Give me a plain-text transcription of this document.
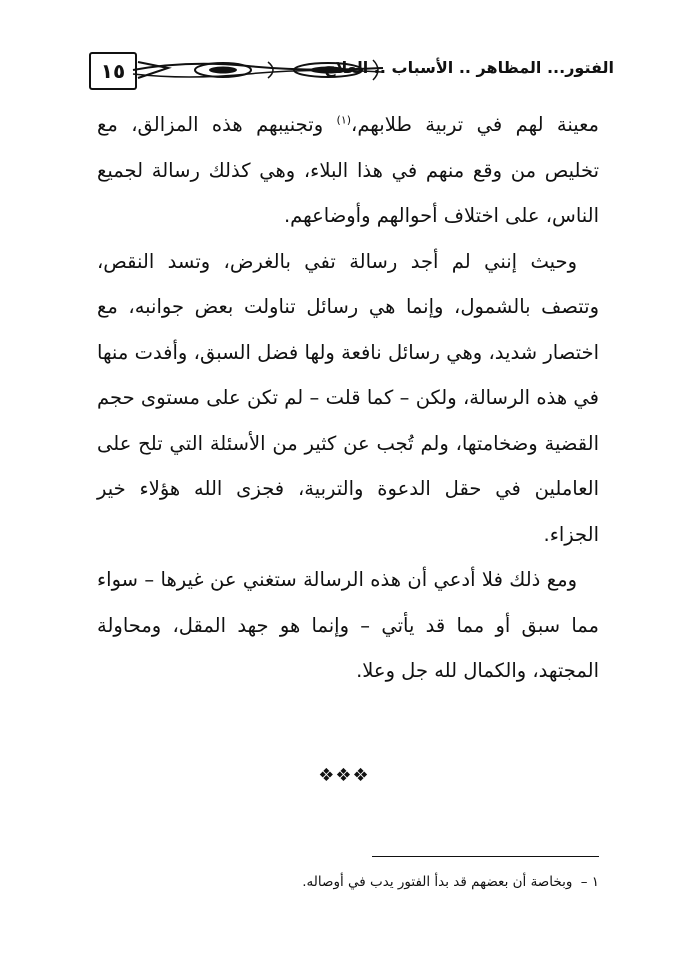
١٥	الفتور... المظاهر .. الأسباب .. العلاج

معينة لهم في تربية طلابهم،$^{(١)}$ وتجنيبهم هذه المزالق، مع تخليص من وقع منهم في هذا البلاء، وهي كذلك رسالة لجميع الناس، على اختلاف أحوالهم وأوضاعهم.

وحيث إنني لم أجد رسالة تفي بالغرض، وتسد النقص، وتتصف بالشمول، وإنما هي رسائل تناولت بعض جوانبه، مع اختصار شديد، وهي رسائل نافعة ولها فضل السبق، وأفدت منها في هذه الرسالة، ولكن – كما قلت – لم تكن على مستوى حجم القضية وضخامتها، ولم تُجب عن كثير من الأسئلة التي تلح على العاملين في حقل الدعوة والتربية، فجزى الله هؤلاء خير الجزاء.

ومع ذلك فلا أدعي أن هذه الرسالة ستغني عن غيرها – سواء مما سبق أو مما قد يأتي – وإنما هو جهد المقل، ومحاولة المجتهد، والكمال لله جل وعلا.

❖❖❖
١ – وبخاصة أن بعضهم قد بدأ الفتور يدب في أوصاله.
